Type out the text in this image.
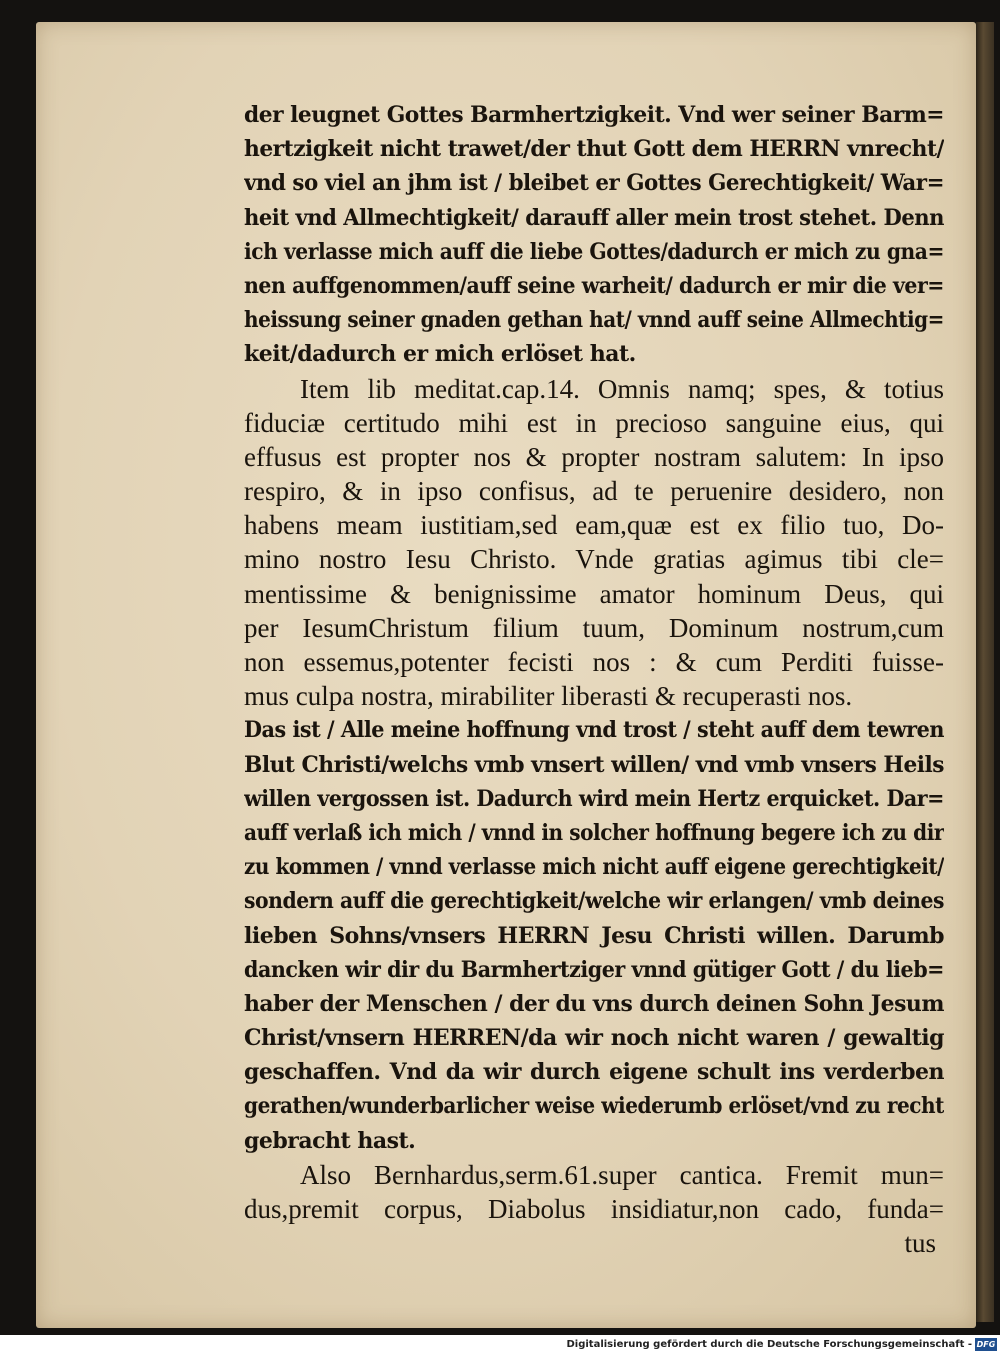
der leugnet Gottes Barmhertzigkeit. Vnd wer seiner Barm=
hertzigkeit nicht trawet/der thut Gott dem HERRN vnrecht/
vnd so viel an jhm ist / bleibet er Gottes Gerechtigkeit/ War=
heit vnd Allmechtigkeit/ darauff aller mein trost stehet. Denn
ich verlasse mich auff die liebe Gottes/dadurch er mich zu gna=
nen auffgenommen/auff seine warheit/ dadurch er mir die ver=
heissung seiner gnaden gethan hat/ vnnd auff seine Allmechtig=
keit/dadurch er mich erlöset hat.
Item lib meditat.cap.14. Omnis namq; spes, & totius
fiduciæ certitudo mihi est in precioso sanguine eius, qui
effusus est propter nos & propter nostram salutem: In ipso
respiro, & in ipso confisus, ad te peruenire desidero, non
habens meam iustitiam,sed eam,quæ est ex filio tuo, Do-
mino nostro Iesu Christo. Vnde gratias agimus tibi cle=
mentissime & benignissime amator hominum Deus, qui
per IesumChristum filium tuum, Dominum nostrum,cum
non essemus,potenter fecisti nos : & cum Perditi fuisse-
mus culpa nostra, mirabiliter liberasti & recuperasti nos.
Das ist / Alle meine hoffnung vnd trost / steht auff dem tewren
Blut Christi/welchs vmb vnsert willen/ vnd vmb vnsers Heils
willen vergossen ist. Dadurch wird mein Hertz erquicket. Dar=
auff verlaß ich mich / vnnd in solcher hoffnung begere ich zu dir
zu kommen / vnnd verlasse mich nicht auff eigene gerechtigkeit/
sondern auff die gerechtigkeit/welche wir erlangen/ vmb deines
lieben Sohns/vnsers HERRN Jesu Christi willen. Darumb
dancken wir dir du Barmhertziger vnnd gütiger Gott / du lieb=
haber der Menschen / der du vns durch deinen Sohn Jesum
Christ/vnsern HERREN/da wir noch nicht waren / gewaltig
geschaffen. Vnd da wir durch eigene schult ins verderben
gerathen/wunderbarlicher weise wiederumb erlöset/vnd zu recht
gebracht hast.
Also Bernhardus,serm.61.super cantica. Fremit mun=
dus,premit corpus, Diabolus insidiatur,non cado, funda=
tus
Digitalisierung gefördert durch die Deutsche Forschungsgemeinschaft - DFG
